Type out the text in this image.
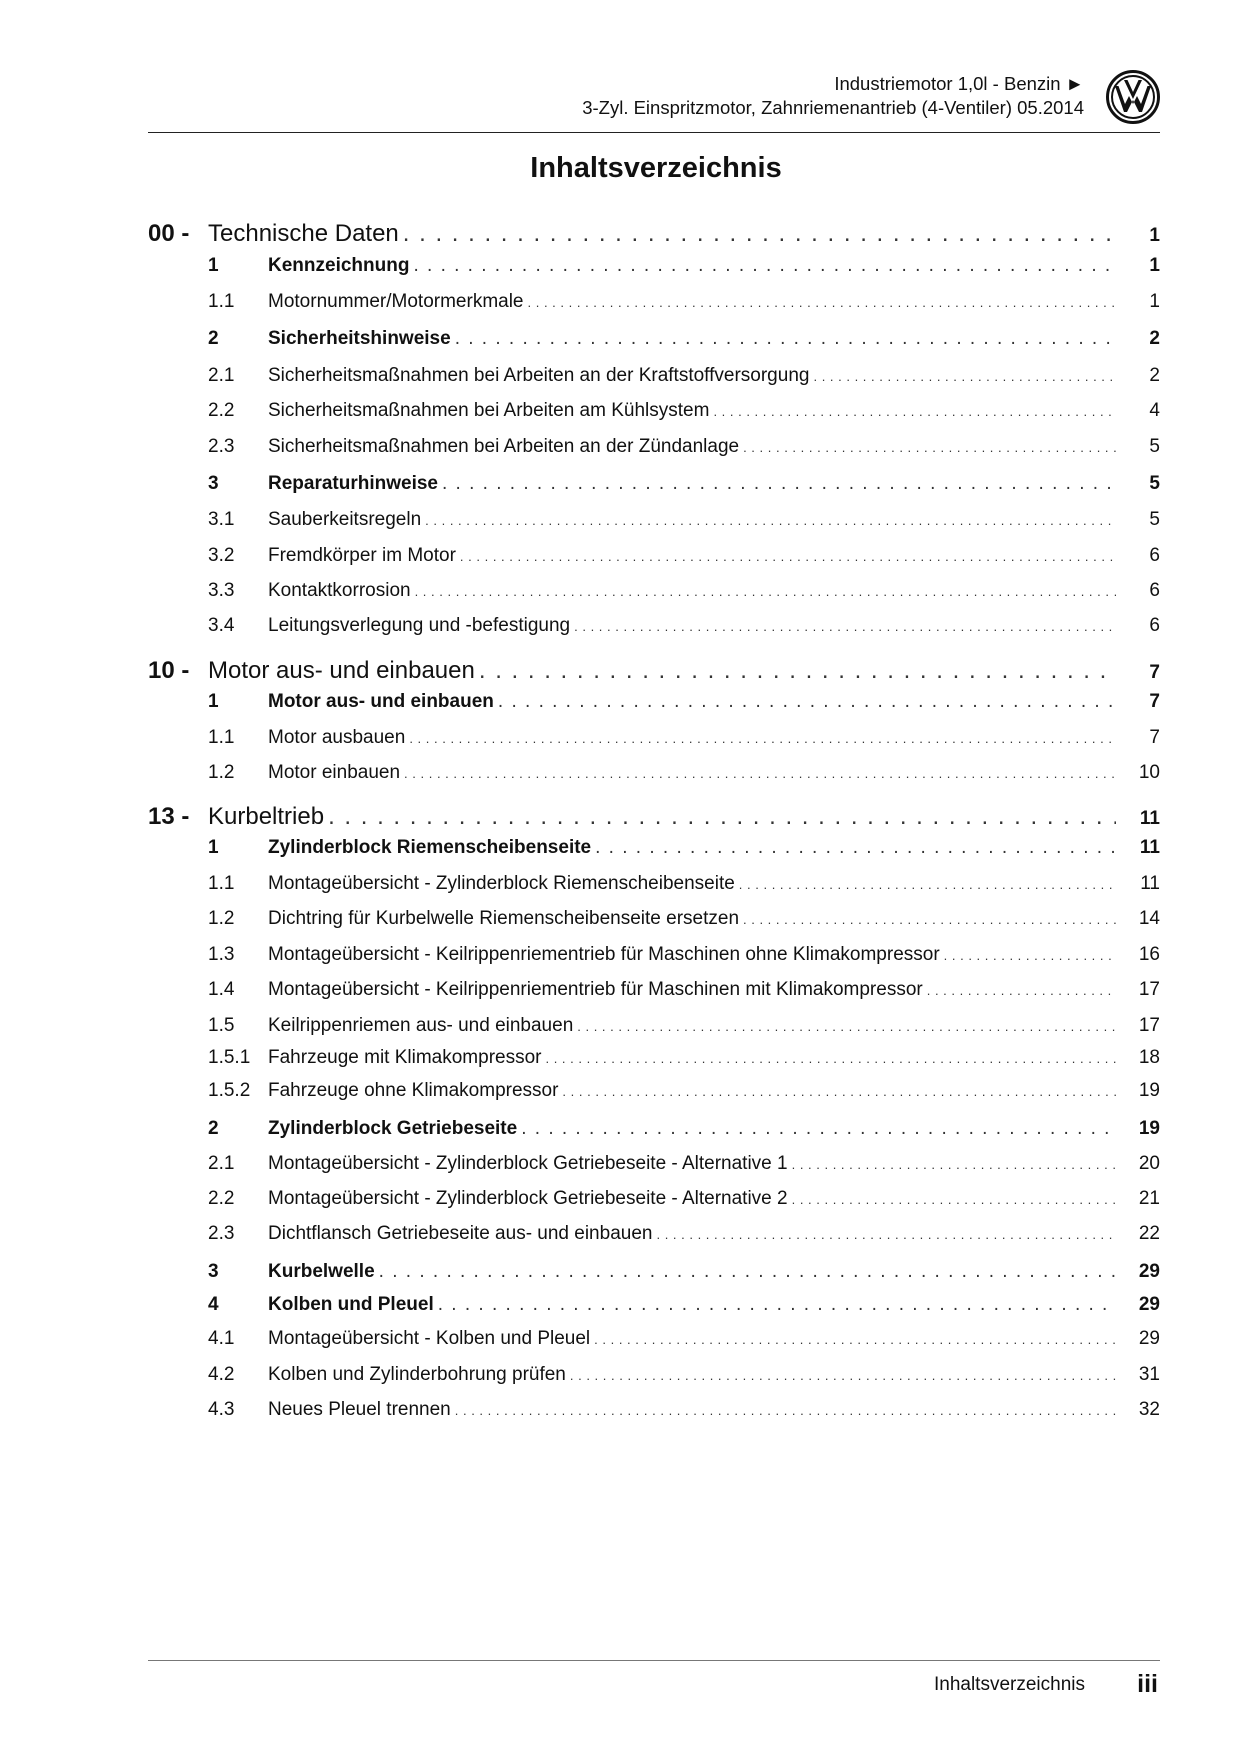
Industriemotor 1,0l - Benzin ►
3-Zyl. Einspritzmotor, Zahnriemenantrieb (4-Ventiler) 05.2014
Inhaltsverzeichnis
00 - Technische Daten . . .	1
1	Kennzeichnung . . .	1
1.1	Motornummer/Motormerkmale . . .	1
2	Sicherheitshinweise . . .	2
2.1	Sicherheitsmaßnahmen bei Arbeiten an der Kraftstoffversorgung . . .	2
2.2	Sicherheitsmaßnahmen bei Arbeiten am Kühlsystem . . .	4
2.3	Sicherheitsmaßnahmen bei Arbeiten an der Zündanlage . . .	5
3	Reparaturhinweise . . .	5
3.1	Sauberkeitsregeln . . .	5
3.2	Fremdkörper im Motor . . .	6
3.3	Kontaktkorrosion . . .	6
3.4	Leitungsverlegung und -befestigung . . .	6
10 - Motor aus- und einbauen . . .	7
1	Motor aus- und einbauen . . .	7
1.1	Motor ausbauen . . .	7
1.2	Motor einbauen . . .	10
13 - Kurbeltrieb . . .	11
1	Zylinderblock Riemenscheibenseite . . .	11
1.1	Montageübersicht - Zylinderblock Riemenscheibenseite . . .	11
1.2	Dichtring für Kurbelwelle Riemenscheibenseite ersetzen . . .	14
1.3	Montageübersicht - Keilrippenriementrieb für Maschinen ohne Klimakompressor . . .	16
1.4	Montageübersicht - Keilrippenriementrieb für Maschinen mit Klimakompressor . . .	17
1.5	Keilrippenriemen aus- und einbauen . . .	17
1.5.1 Fahrzeuge mit Klimakompressor . . .	18
1.5.2 Fahrzeuge ohne Klimakompressor . . .	19
2	Zylinderblock Getriebeseite . . .	19
2.1	Montageübersicht - Zylinderblock Getriebeseite - Alternative 1 . . .	20
2.2	Montageübersicht - Zylinderblock Getriebeseite - Alternative 2 . . .	21
2.3	Dichtflansch Getriebeseite aus- und einbauen . . .	22
3	Kurbelwelle . . .	29
4	Kolben und Pleuel . . .	29
4.1	Montageübersicht - Kolben und Pleuel . . .	29
4.2	Kolben und Zylinderbohrung prüfen . . .	31
4.3	Neues Pleuel trennen . . .	32
Inhaltsverzeichnis iii
